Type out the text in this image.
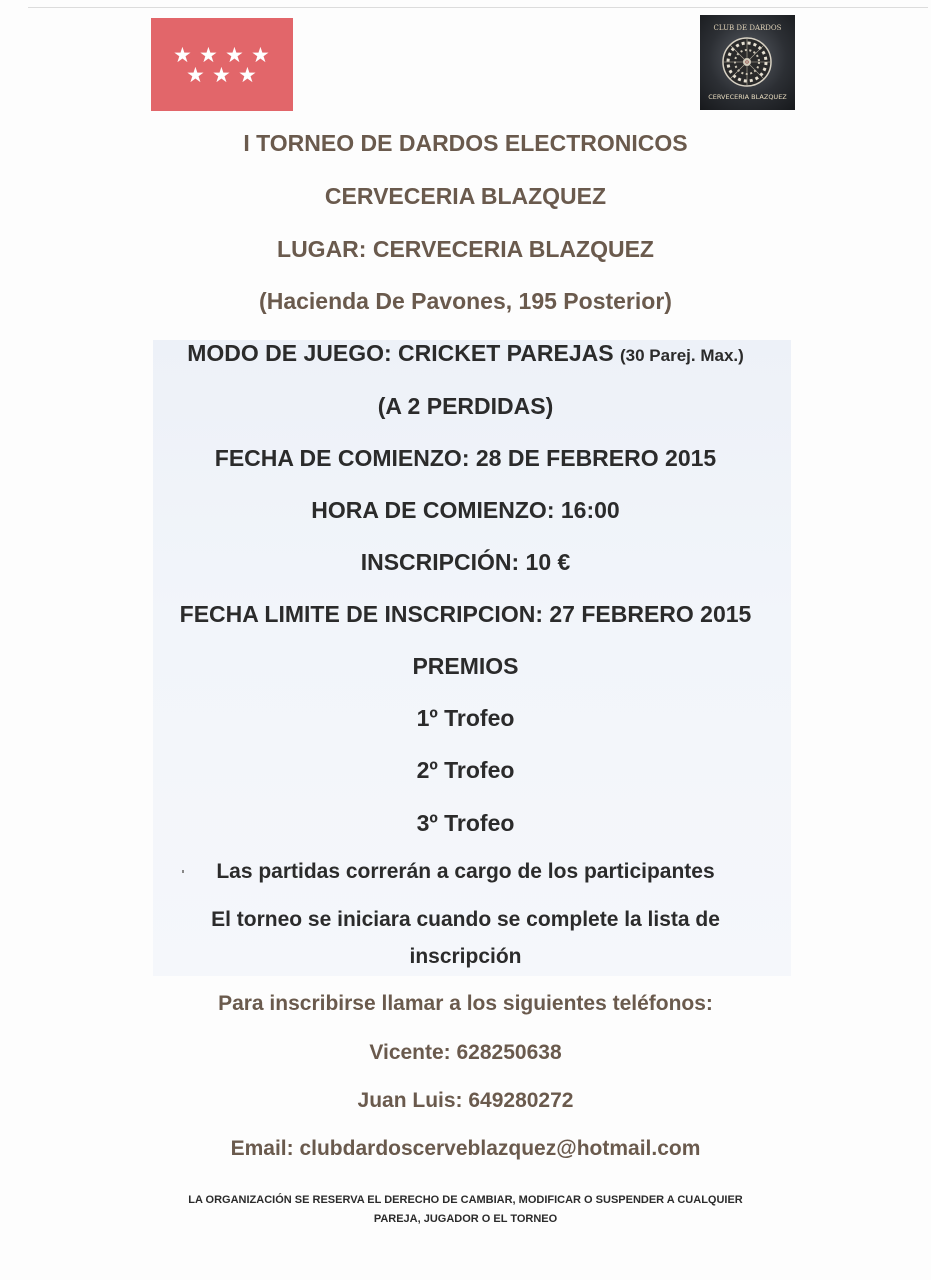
★ ★ ★ ★
★ ★ ★
CLUB DE DARDOS
CERVECERIA BLAZQUEZ
I TORNEO DE DARDOS ELECTRONICOS
CERVECERIA BLAZQUEZ
LUGAR: CERVECERIA BLAZQUEZ
(Hacienda De Pavones, 195 Posterior)
MODO DE JUEGO: CRICKET PAREJAS (30 Parej. Max.)
(A 2 PERDIDAS)
FECHA DE COMIENZO: 28 DE FEBRERO 2015
HORA DE COMIENZO: 16:00
INSCRIPCIÓN: 10 €
FECHA LIMITE DE INSCRIPCION: 27 FEBRERO 2015
PREMIOS
1º Trofeo
2º Trofeo
3º Trofeo
Las partidas correrán a cargo de los participantes
El torneo se iniciara cuando se complete la lista de
inscripción
Para inscribirse llamar a los siguientes teléfonos:
Vicente: 628250638
Juan Luis: 649280272
Email: clubdardoscerveblazquez@hotmail.com
LA ORGANIZACIÓN SE RESERVA EL DERECHO DE CAMBIAR, MODIFICAR O SUSPENDER A CUALQUIER
PAREJA, JUGADOR O EL TORNEO
